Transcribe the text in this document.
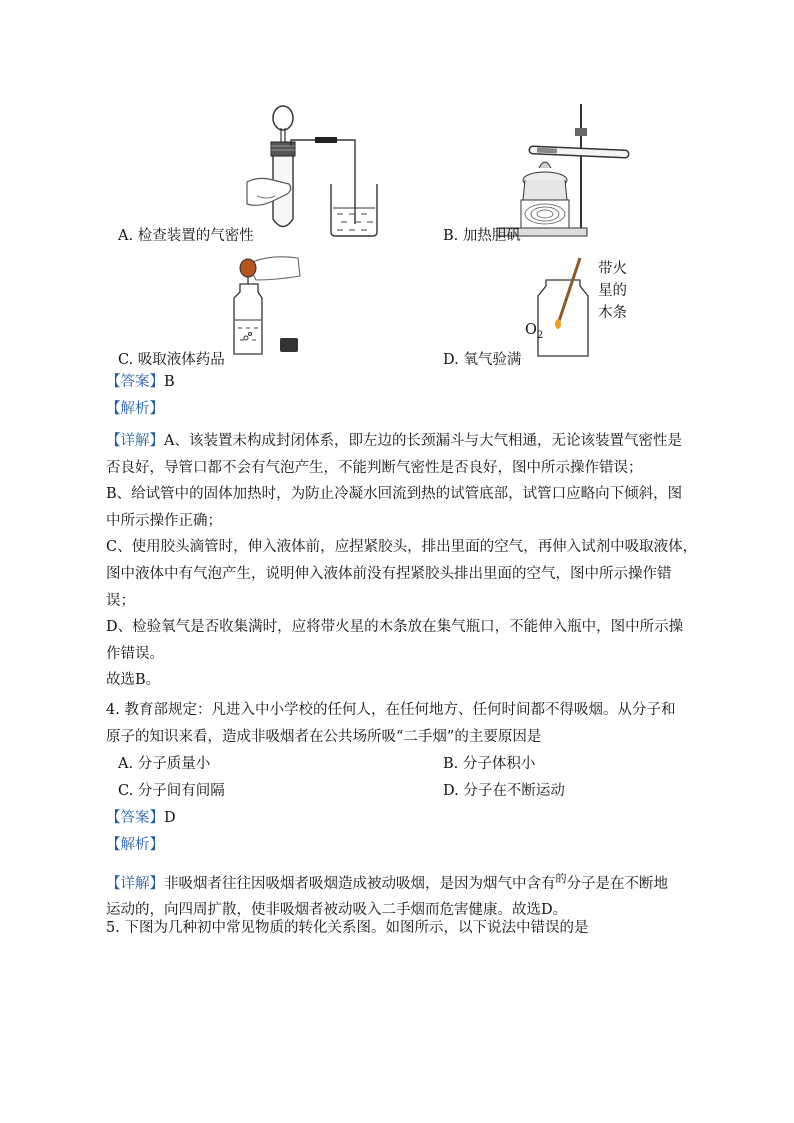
带火
星的
木条
$O_2$
A. 检查装置的气密性	B. 加热胆矾
C. 吸取液体药品	D. 氧气验满
【答案】B
【解析】
【详解】A、该装置未构成封闭体系，即左边的长颈漏斗与大气相通，无论该装置气密性是
否良好，导管口都不会有气泡产生，不能判断气密性是否良好，图中所示操作错误；
B、给试管中的固体加热时，为防止冷凝水回流到热的试管底部，试管口应略向下倾斜，图
中所示操作正确；
C、使用胶头滴管时，伸入液体前，应捏紧胶头，排出里面的空气，再伸入试剂中吸取液体，
图中液体中有气泡产生，说明伸入液体前没有捏紧胶头排出里面的空气，图中所示操作错
误；
D、检验氧气是否收集满时，应将带火星的木条放在集气瓶口，不能伸入瓶中，图中所示操
作错误。
故选B。
4. 教育部规定：凡进入中小学校的任何人，在任何地方、任何时间都不得吸烟。从分子和
原子的知识来看，造成非吸烟者在公共场所吸“二手烟”的主要原因是
A. 分子质量小	B. 分子体积小
C. 分子间有间隔	D. 分子在不断运动
【答案】D
【解析】
【详解】非吸烟者往往因吸烟者吸烟造成被动吸烟，是因为烟气中含有$^的$分子是在不断地
运动的，向四周扩散，使非吸烟者被动吸入二手烟而危害健康。故选D。
5. 下图为几种初中常见物质的转化关系图。如图所示，以下说法中错误的是
